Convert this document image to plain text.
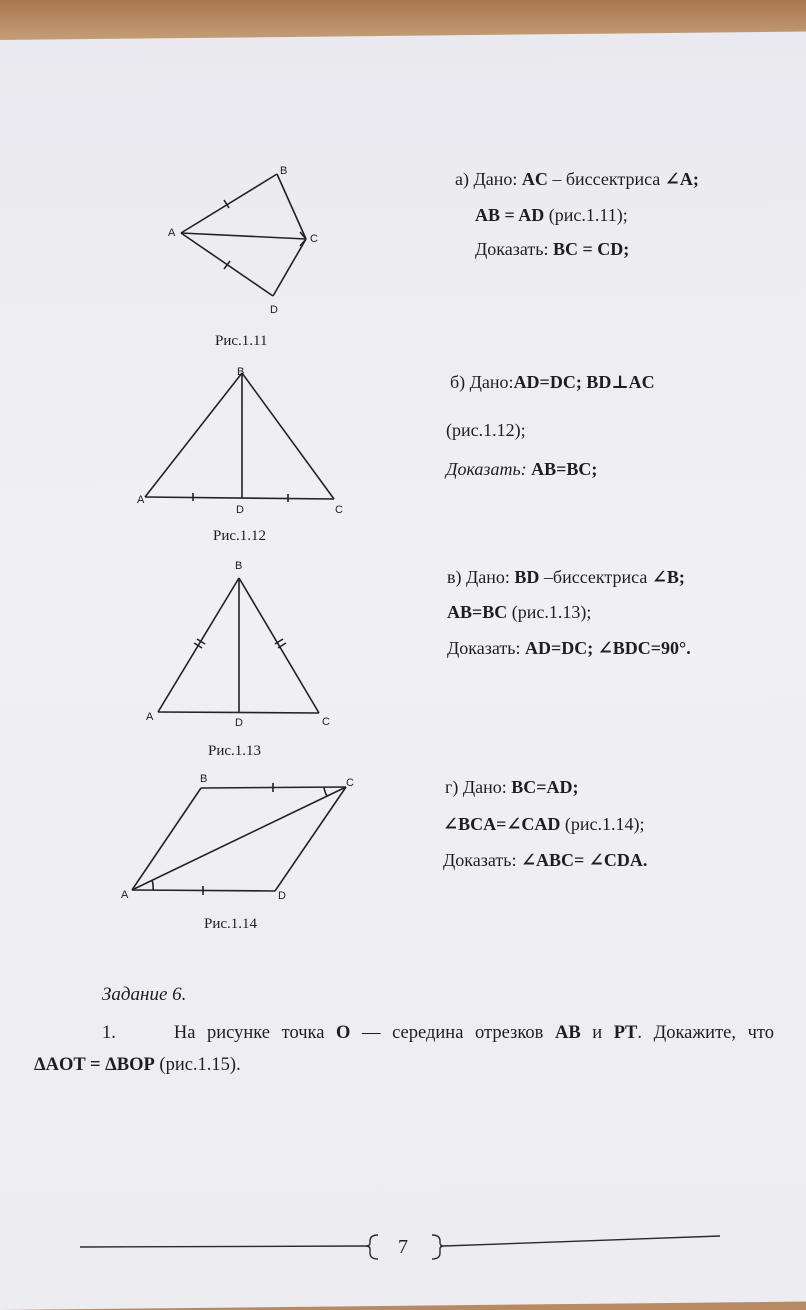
A
B
C
D
Рис.1.11
A
B
C
D
Рис.1.12
A
B
C
D
Рис.1.13
A
B	C
D
Рис.1.14
а) Дано: AC – биссектриса ∠A;
AB = AD (рис.1.11);
Доказать: BC = CD;
б) Дано:AD=DC; BD⊥AC
(рис.1.12);
Доказать: AB=BC;
в) Дано: BD –биссектриса ∠B;
AB=BC (рис.1.13);
Доказать: AD=DC; ∠BDC=90°.
г) Дано: BC=AD;
∠BCA=∠CAD (рис.1.14);
Доказать: ∠ABC= ∠CDA.
Задание 6.
1.	На рисунке точка O — середина отрезков AB и PT. Докажите, что
ΔAOT = ΔBOP (рис.1.15).
7
